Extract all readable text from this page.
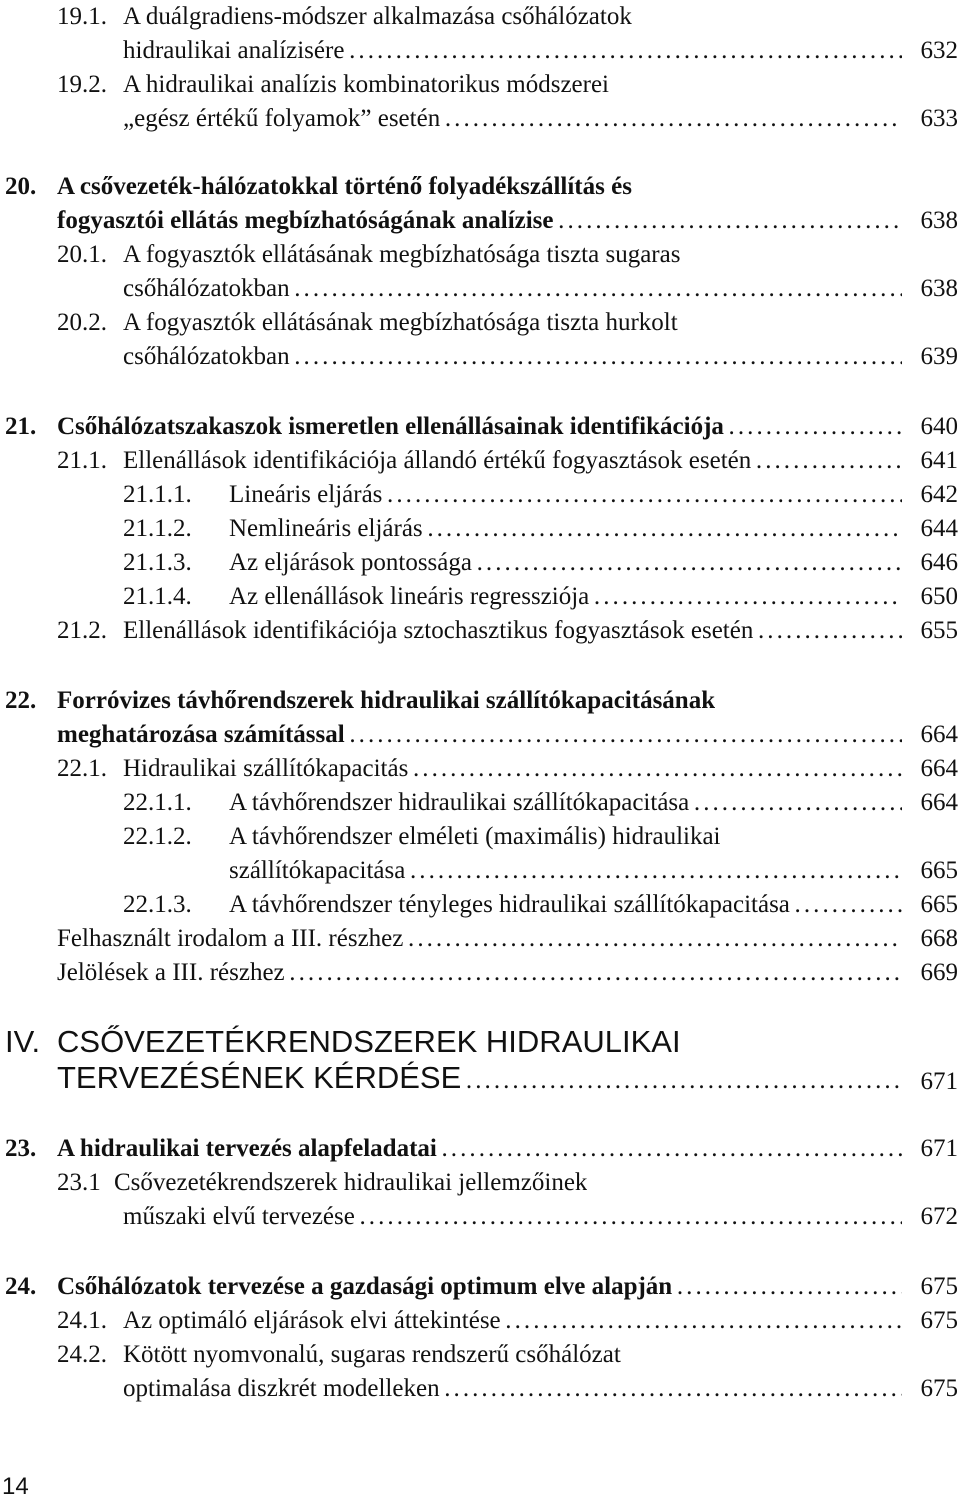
19.1. A duálgradiens-módszer alkalmazása csőhálózatok
hidraulikai analízisére . . .	632
19.2. A hidraulikai analízis kombinatorikus módszerei
„egész értékű folyamok” esetén . . .	633
20. A csővezeték-hálózatokkal történő folyadékszállítás és
fogyasztói ellátás megbízhatóságának analízise . . .	638
20.1. A fogyasztók ellátásának megbízhatósága tiszta sugaras
csőhálózatokban . . .	638
20.2. A fogyasztók ellátásának megbízhatósága tiszta hurkolt
csőhálózatokban . . .	639
21. Csőhálózatszakaszok ismeretlen ellenállásainak identifikációja . . .	640
21.1. Ellenállások identifikációja állandó értékű fogyasztások esetén . . .	641
21.1.1. Lineáris eljárás . . .	642
21.1.2. Nemlineáris eljárás . . .	644
21.1.3. Az eljárások pontossága . . .	646
21.1.4. Az ellenállások lineáris regressziója . . .	650
21.2. Ellenállások identifikációja sztochasztikus fogyasztások esetén . . .	655
22. Forróvizes távhőrendszerek hidraulikai szállítókapacitásának
meghatározása számítással . . .	664
22.1. Hidraulikai szállítókapacitás . . .	664
22.1.1. A távhőrendszer hidraulikai szállítókapacitása . . .	664
22.1.2. A távhőrendszer elméleti (maximális) hidraulikai
szállítókapacitása . . .	665
22.1.3. A távhőrendszer tényleges hidraulikai szállítókapacitása . . .	665
Felhasznált irodalom a III. részhez . . .	668
Jelölések a III. részhez . . .	669
IV. CSŐVEZETÉKRENDSZEREK HIDRAULIKAI
TERVEZÉSÉNEK KÉRDÉSE . . .	671
23. A hidraulikai tervezés alapfeladatai . . .	671
23.1 Csővezetékrendszerek hidraulikai jellemzőinek
műszaki elvű tervezése . . .	672
24. Csőhálózatok tervezése a gazdasági optimum elve alapján . . .	675
24.1. Az optimáló eljárások elvi áttekintése . . .	675
24.2. Kötött nyomvonalú, sugaras rendszerű csőhálózat
optimalása diszkrét modelleken . . .	675
14
